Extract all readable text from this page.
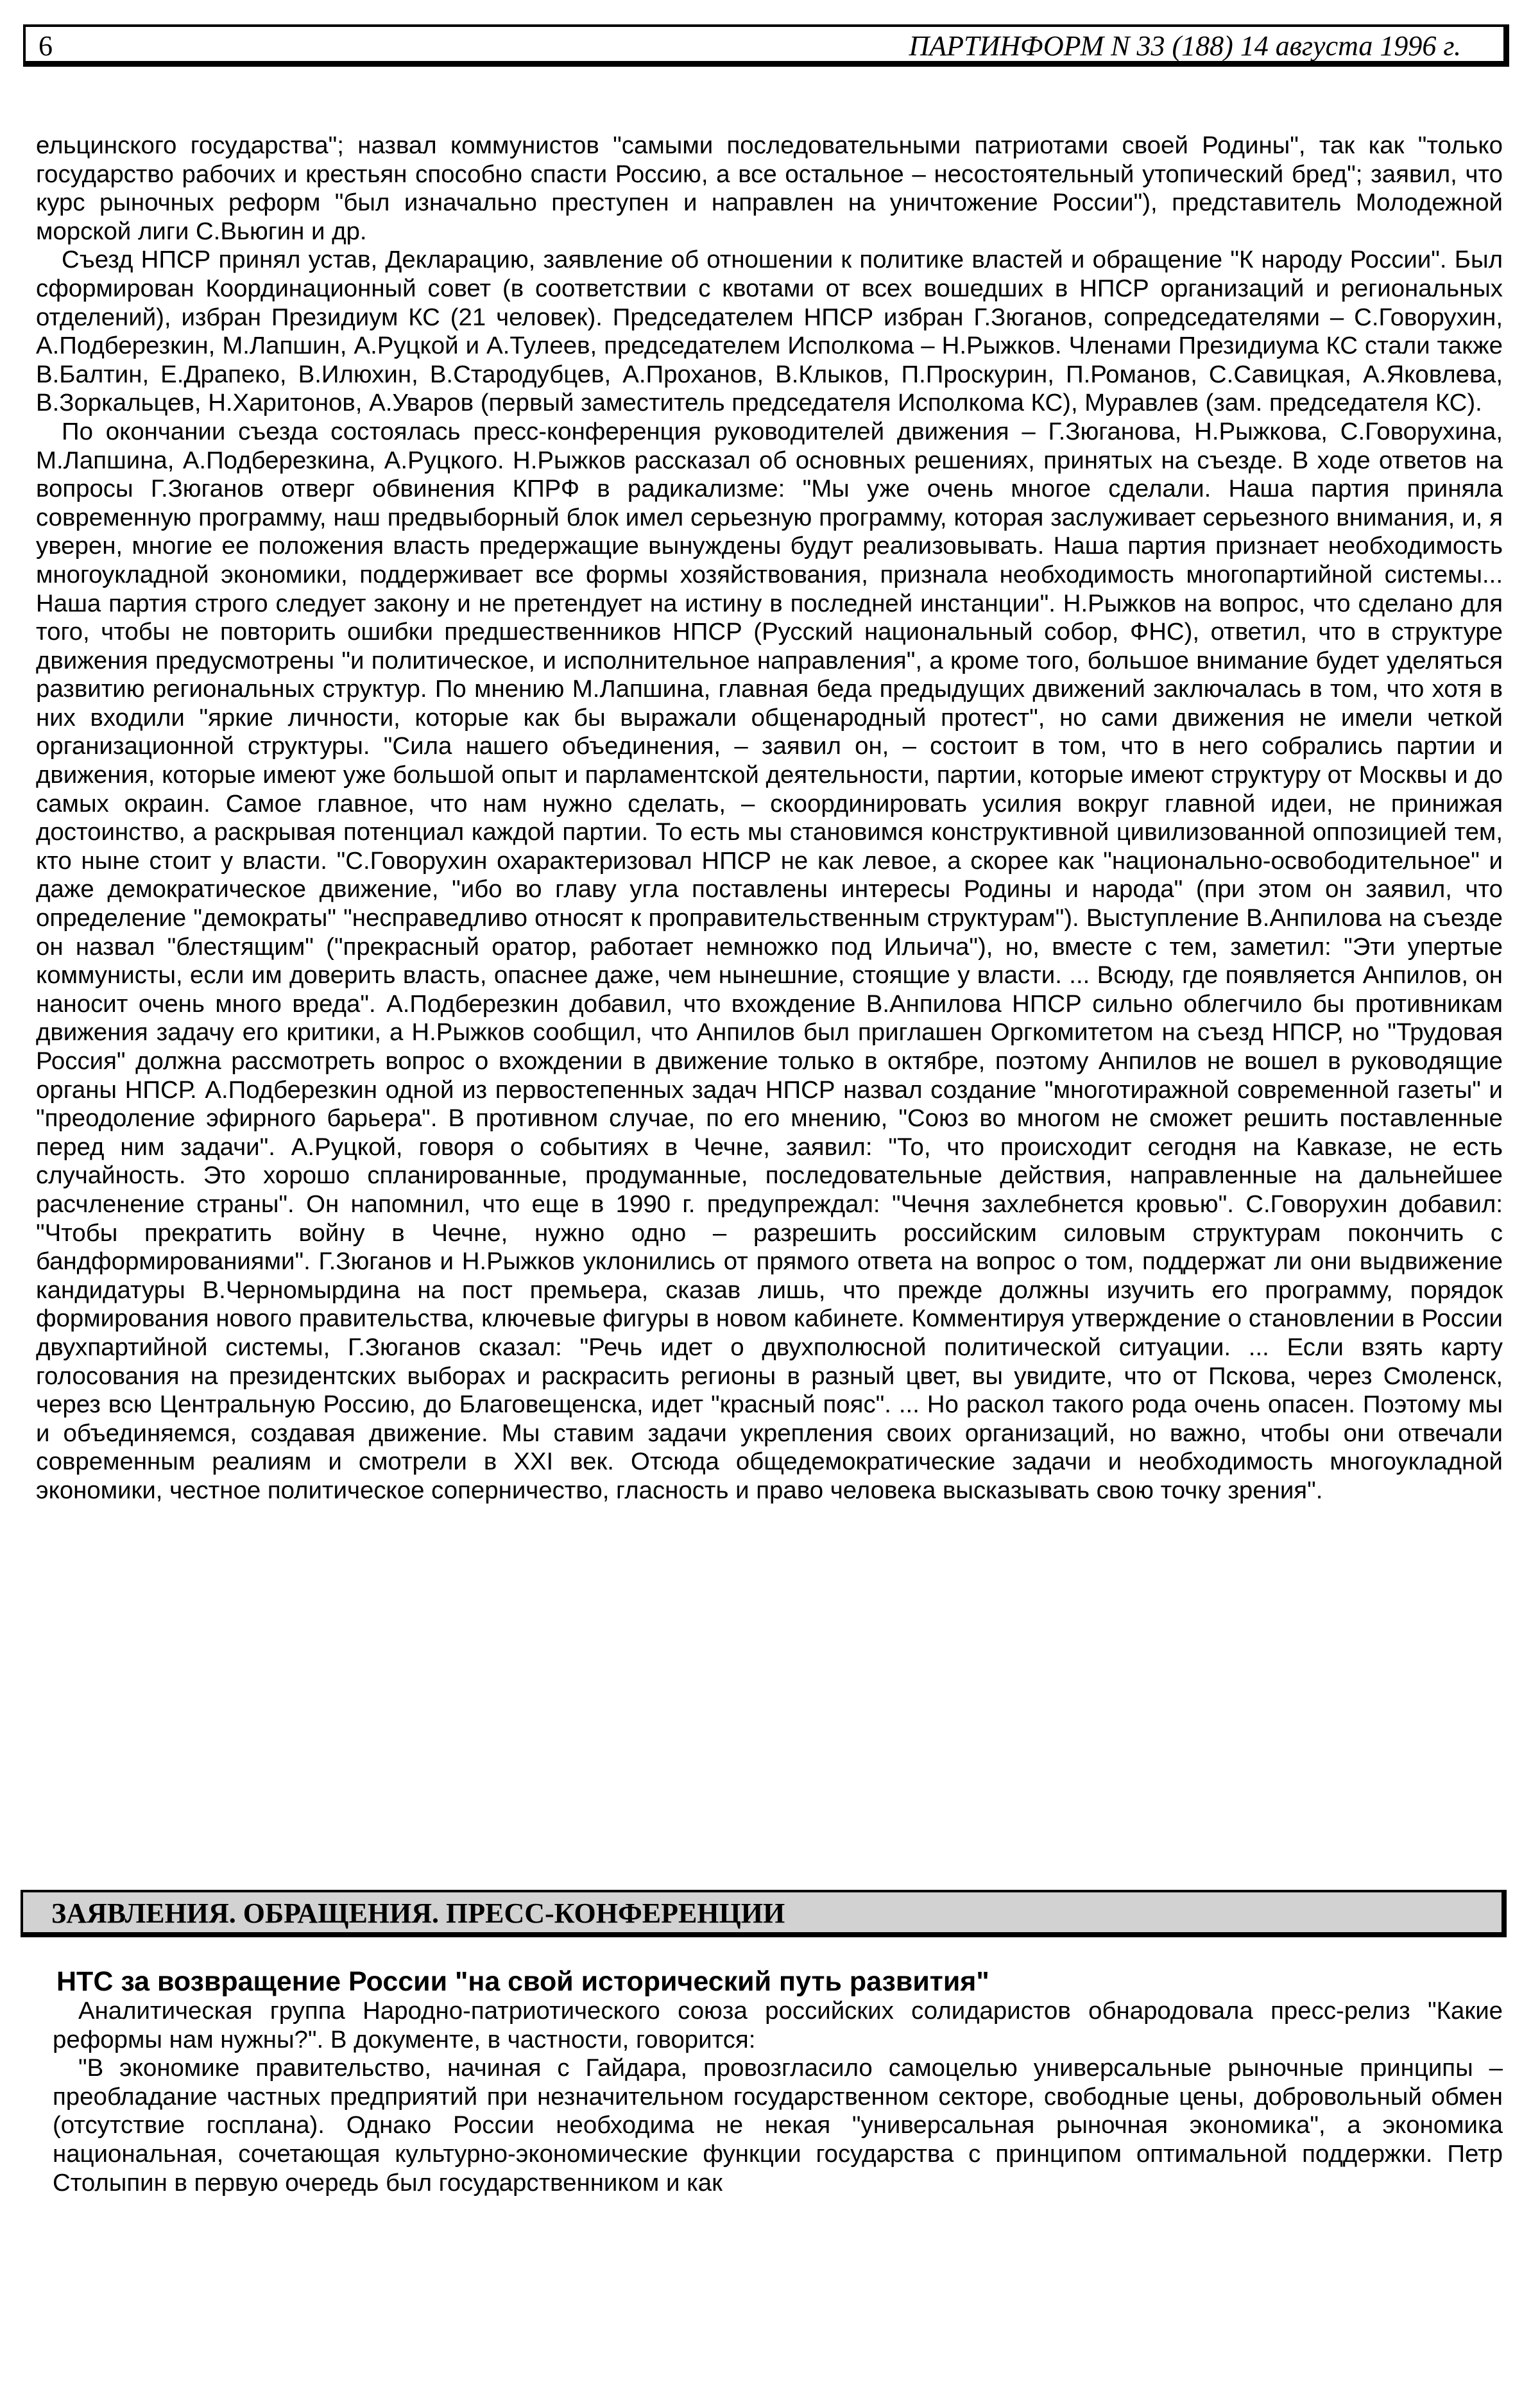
6	ПАРТИНФОРМ N 33 (188) 14 августа 1996 г.

ельцинского государства"; назвал коммунистов "самыми последовательными патриотами своей Родины", так как "только государство рабочих и крестьян способно спасти Россию, а все остальное – несостоятельный утопический бред"; заявил, что курс рыночных реформ "был изначально преступен и направлен на уничтожение России"), представитель Молодежной морской лиги С.Вьюгин и др.

Съезд НПСР принял устав, Декларацию, заявление об отношении к политике властей и обращение "К народу России". Был сформирован Координационный совет (в соответствии с квотами от всех вошедших в НПСР организаций и региональных отделений), избран Президиум КС (21 человек). Председателем НПСР избран Г.Зюганов, сопредседателями – С.Говорухин, А.Подберезкин, М.Лапшин, А.Руцкой и А.Тулеев, председателем Исполкома – Н.Рыжков. Членами Президиума КС стали также В.Балтин, Е.Драпеко, В.Илюхин, В.Стародубцев, А.Проханов, В.Клыков, П.Проскурин, П.Романов, С.Савицкая, А.Яковлева, В.Зоркальцев, Н.Харитонов, А.Уваров (первый заместитель председателя Исполкома КС), Муравлев (зам. председателя КС).

По окончании съезда состоялась пресс-конференция руководителей движения – Г.Зюганова, Н.Рыжкова, С.Говорухина, М.Лапшина, А.Подберезкина, А.Руцкого. Н.Рыжков рассказал об основных решениях, принятых на съезде. В ходе ответов на вопросы Г.Зюганов отверг обвинения КПРФ в радикализме: "Мы уже очень многое сделали. Наша партия приняла современную программу, наш предвыборный блок имел серьезную программу, которая заслуживает серьезного внимания, и, я уверен, многие ее положения власть предержащие вынуждены будут реализовывать. Наша партия признает необходимость многоукладной экономики, поддерживает все формы хозяйствования, признала необходимость многопартийной системы... Наша партия строго следует закону и не претендует на истину в последней инстанции". Н.Рыжков на вопрос, что сделано для того, чтобы не повторить ошибки предшественников НПСР (Русский национальный собор, ФНС), ответил, что в структуре движения предусмотрены "и политическое, и исполнительное направления", а кроме того, большое внимание будет уделяться развитию региональных структур. По мнению М.Лапшина, главная беда предыдущих движений заключалась в том, что хотя в них входили "яркие личности, которые как бы выражали общенародный протест", но сами движения не имели четкой организационной структуры. "Сила нашего объединения, – заявил он, – состоит в том, что в него собрались партии и движения, которые имеют уже большой опыт и парламентской деятельности, партии, которые имеют структуру от Москвы и до самых окраин. Самое главное, что нам нужно сделать, – скоординировать усилия вокруг главной идеи, не принижая достоинство, а раскрывая потенциал каждой партии. То есть мы становимся конструктивной цивилизованной оппозицией тем, кто ныне стоит у власти. "С.Говорухин охарактеризовал НПСР не как левое, а скорее как "национально-освободительное" и даже демократическое движение, "ибо во главу угла поставлены интересы Родины и народа" (при этом он заявил, что определение "демократы" "несправедливо относят к проправительственным структурам"). Выступление В.Анпилова на съезде он назвал "блестящим" ("прекрасный оратор, работает немножко под Ильича"), но, вместе с тем, заметил: "Эти упертые коммунисты, если им доверить власть, опаснее даже, чем нынешние, стоящие у власти. ... Всюду, где появляется Анпилов, он наносит очень много вреда". А.Подберезкин добавил, что вхождение В.Анпилова НПСР сильно облегчило бы противникам движения задачу его критики, а Н.Рыжков сообщил, что Анпилов был приглашен Оргкомитетом на съезд НПСР, но "Трудовая Россия" должна рассмотреть вопрос о вхождении в движение только в октябре, поэтому Анпилов не вошел в руководящие органы НПСР. А.Подберезкин одной из первостепенных задач НПСР назвал создание "многотиражной современной газеты" и "преодоление эфирного барьера". В противном случае, по его мнению, "Союз во многом не сможет решить поставленные перед ним задачи". А.Руцкой, говоря о событиях в Чечне, заявил: "То, что происходит сегодня на Кавказе, не есть случайность. Это хорошо спланированные, продуманные, последовательные действия, направленные на дальнейшее расчленение страны". Он напомнил, что еще в 1990 г. предупреждал: "Чечня захлебнется кровью". С.Говорухин добавил: "Чтобы прекратить войну в Чечне, нужно одно – разрешить российским силовым структурам покончить с бандформированиями". Г.Зюганов и Н.Рыжков уклонились от прямого ответа на вопрос о том, поддержат ли они выдвижение кандидатуры В.Черномырдина на пост премьера, сказав лишь, что прежде должны изучить его программу, порядок формирования нового правительства, ключевые фигуры в новом кабинете. Комментируя утверждение о становлении в России двухпартийной системы, Г.Зюганов сказал: "Речь идет о двухполюсной политической ситуации. ... Если взять карту голосования на президентских выборах и раскрасить регионы в разный цвет, вы увидите, что от Пскова, через Смоленск, через всю Центральную Россию, до Благовещенска, идет "красный пояс". ... Но раскол такого рода очень опасен. Поэтому мы и объединяемся, создавая движение. Мы ставим задачи укрепления своих организаций, но важно, чтобы они отвечали современным реалиям и смотрели в XXI век. Отсюда общедемократические задачи и необходимость многоукладной экономики, честное политическое соперничество, гласность и право человека высказывать свою точку зрения".

ЗАЯВЛЕНИЯ. ОБРАЩЕНИЯ. ПРЕСС-КОНФЕРЕНЦИИ
НТС за возвращение России "на свой исторический путь развития"

Аналитическая группа Народно-патриотического союза российских солидаристов обнародовала пресс-релиз "Какие реформы нам нужны?". В документе, в частности, говорится:

"В экономике правительство, начиная с Гайдара, провозгласило самоцелью универсальные рыночные принципы – преобладание частных предприятий при незначительном государственном секторе, свободные цены, добровольный обмен (отсутствие госплана). Однако России необходима не некая "универсальная рыночная экономика", а экономика национальная, сочетающая культурно-экономические функции государства с принципом оптимальной поддержки. Петр Столыпин в первую очередь был государственником и как
